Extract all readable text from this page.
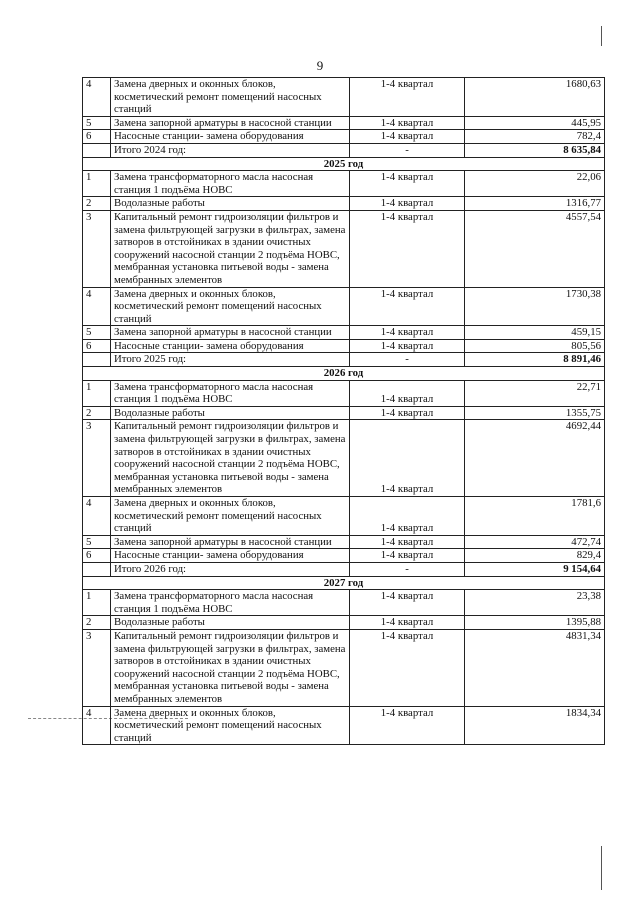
9
4	Замена дверных и оконных блоков, косметический ремонт помещений насосных станций	1-4 квартал	1680,63
5	Замена запорной арматуры в насосной станции	1-4 квартал	445,95
6	Насосные станции- замена оборудования	1-4 квартал	782,4
	Итого 2024 год:	-	8 635,84
2025 год			
1	Замена трансформаторного масла насосная станция 1 подъёма НОВС	1-4 квартал	22,06
2	Водолазные работы	1-4 квартал	1316,77
3	Капитальный ремонт гидроизоляции фильтров и замена фильтрующей загрузки в фильтрах, замена затворов в отстойниках в здании очистных сооружений насосной станции 2 подъёма НОВС, мембранная установка питьевой воды - замена мембранных элементов	1-4 квартал	4557,54
4	Замена дверных и оконных блоков, косметический ремонт помещений насосных станций	1-4 квартал	1730,38
5	Замена запорной арматуры в насосной станции	1-4 квартал	459,15
6	Насосные станции- замена оборудования	1-4 квартал	805,56
	Итого 2025 год:	-	8 891,46
2026 год			
1	Замена трансформаторного масла насосная станция 1 подъёма НОВС	1-4 квартал	22,71
2	Водолазные работы	1-4 квартал	1355,75
3	Капитальный ремонт гидроизоляции фильтров и замена фильтрующей загрузки в фильтрах, замена затворов в отстойниках в здании очистных сооружений насосной станции 2 подъёма НОВС, мембранная установка питьевой воды - замена мембранных элементов	1-4 квартал	4692,44
4	Замена дверных и оконных блоков, косметический ремонт помещений насосных станций	1-4 квартал	1781,6
5	Замена запорной арматуры в насосной станции	1-4 квартал	472,74
6	Насосные станции- замена оборудования	1-4 квартал	829,4
	Итого 2026 год:	-	9 154,64
2027 год			
1	Замена трансформаторного масла насосная станция 1 подъёма НОВС	1-4 квартал	23,38
2	Водолазные работы	1-4 квартал	1395,88
3	Капитальный ремонт гидроизоляции фильтров и замена фильтрующей загрузки в фильтрах, замена затворов в отстойниках в здании очистных сооружений насосной станции 2 подъёма НОВС, мембранная установка питьевой воды - замена мембранных элементов	1-4 квартал	4831,34
4	Замена дверных и оконных блоков, косметический ремонт помещений насосных станций	1-4 квартал	1834,34
